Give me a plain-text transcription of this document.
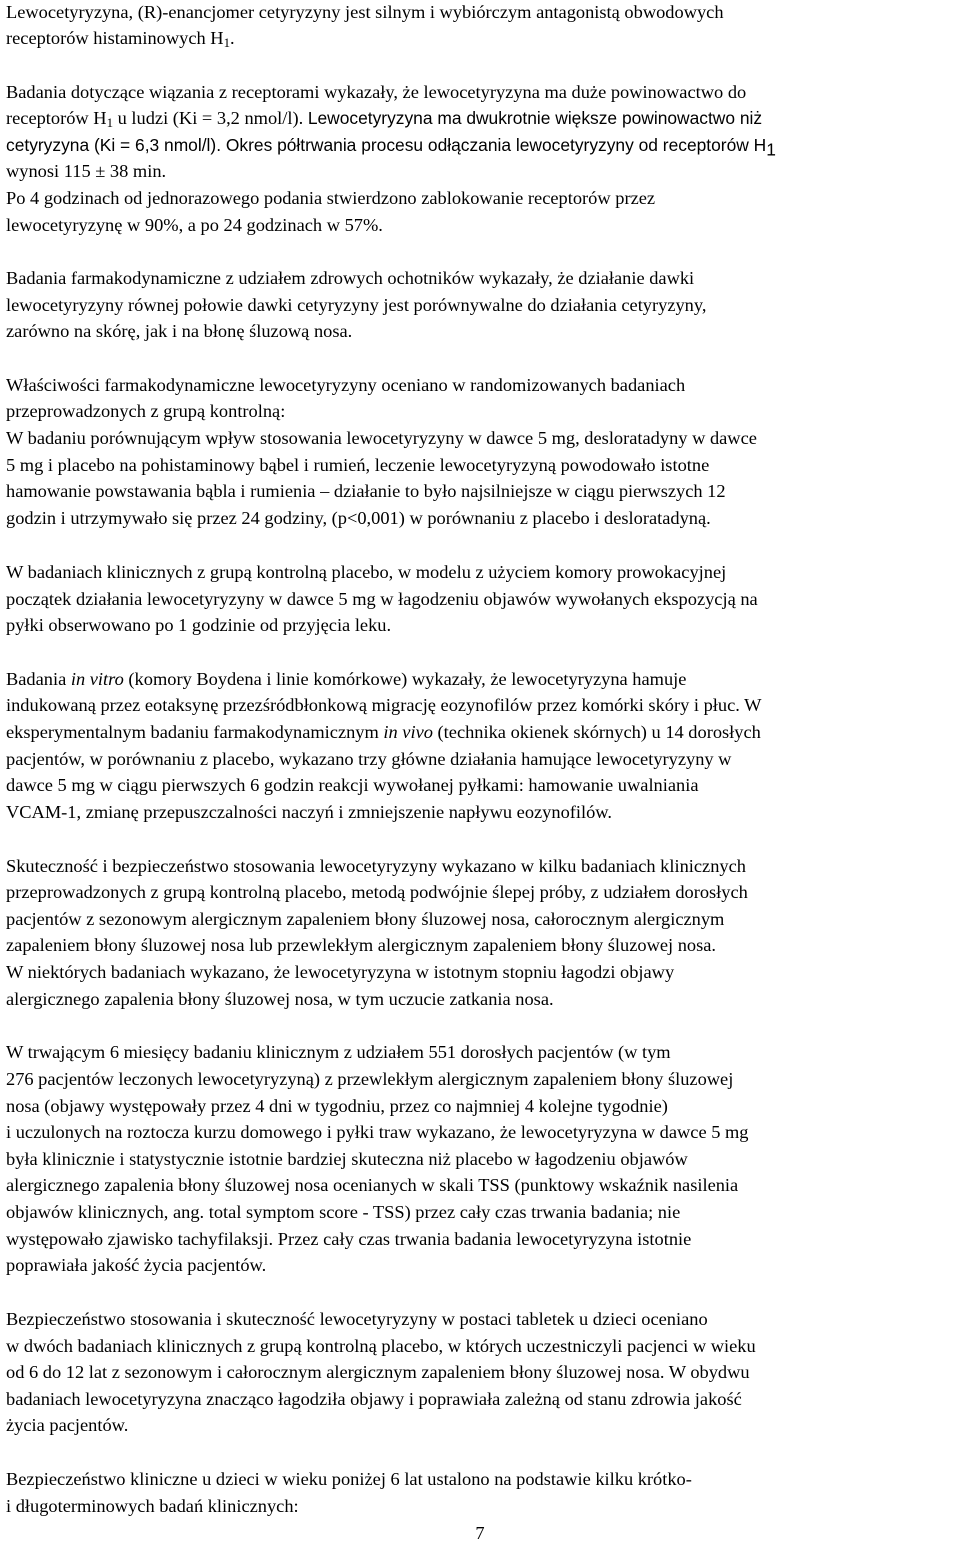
Lewocetyryzyna, (R)-enancjomer cetyryzyny jest silnym i wybiórczym antagonistą obwodowych
receptorów histaminowych $H_1$.
Badania dotyczące wiązania z receptorami wykazały, że lewocetyryzyna ma duże powinowactwo do
receptorów $H_1$ u ludzi (Ki = 3,2 nmol/l). Lewocetyryzyna ma dwukrotnie większe powinowactwo niż
cetyryzyna (Ki = 6,3 nmol/l). Okres półtrwania procesu odłączania lewocetyryzyny od receptorów $H_1$
wynosi 115 ± 38 min.
Po 4 godzinach od jednorazowego podania stwierdzono zablokowanie receptorów przez
lewocetyryzynę w 90%, a po 24 godzinach w 57%.
Badania farmakodynamiczne z udziałem zdrowych ochotników wykazały, że działanie dawki
lewocetyryzyny równej połowie dawki cetyryzyny jest porównywalne do działania cetyryzyny,
zarówno na skórę, jak i na błonę śluzową nosa.
Właściwości farmakodynamiczne lewocetyryzyny oceniano w randomizowanych badaniach
przeprowadzonych z grupą kontrolną:
W badaniu porównującym wpływ stosowania lewocetyryzyny w dawce 5 mg, desloratadyny w dawce
5 mg i placebo na pohistaminowy bąbel i rumień, leczenie lewocetyryzyną powodowało istotne
hamowanie powstawania bąbla i rumienia – działanie to było najsilniejsze w ciągu pierwszych 12
godzin i utrzymywało się przez 24 godziny, (p<0,001) w porównaniu z placebo i desloratadyną.
W badaniach klinicznych z grupą kontrolną placebo, w modelu z użyciem komory prowokacyjnej
początek działania lewocetyryzyny w dawce 5 mg w łagodzeniu objawów wywołanych ekspozycją na
pyłki obserwowano po 1 godzinie od przyjęcia leku.
Badania in vitro (komory Boydena i linie komórkowe) wykazały, że lewocetyryzyna hamuje
indukowaną przez eotaksynę przezśródbłonkową migrację eozynofilów przez komórki skóry i płuc. W
eksperymentalnym badaniu farmakodynamicznym in vivo (technika okienek skórnych) u 14 dorosłych
pacjentów, w porównaniu z placebo, wykazano trzy główne działania hamujące lewocetyryzyny w
dawce 5 mg w ciągu pierwszych 6 godzin reakcji wywołanej pyłkami: hamowanie uwalniania
VCAM-1, zmianę przepuszczalności naczyń i zmniejszenie napływu eozynofilów.
Skuteczność i bezpieczeństwo stosowania lewocetyryzyny wykazano w kilku badaniach klinicznych
przeprowadzonych z grupą kontrolną placebo, metodą podwójnie ślepej próby, z udziałem dorosłych
pacjentów z sezonowym alergicznym zapaleniem błony śluzowej nosa, całorocznym alergicznym
zapaleniem błony śluzowej nosa lub przewlekłym alergicznym zapaleniem błony śluzowej nosa.
W niektórych badaniach wykazano, że lewocetyryzyna w istotnym stopniu łagodzi objawy
alergicznego zapalenia błony śluzowej nosa, w tym uczucie zatkania nosa.
W trwającym 6 miesięcy badaniu klinicznym z udziałem 551 dorosłych pacjentów (w tym
276 pacjentów leczonych lewocetyryzyną) z przewlekłym alergicznym zapaleniem błony śluzowej
nosa (objawy występowały przez 4 dni w tygodniu, przez co najmniej 4 kolejne tygodnie)
i uczulonych na roztocza kurzu domowego i pyłki traw wykazano, że lewocetyryzyna w dawce 5 mg
była klinicznie i statystycznie istotnie bardziej skuteczna niż placebo w łagodzeniu objawów
alergicznego zapalenia błony śluzowej nosa ocenianych w skali TSS (punktowy wskaźnik nasilenia
objawów klinicznych, ang. total symptom score - TSS) przez cały czas trwania badania; nie
występowało zjawisko tachyfilaksji. Przez cały czas trwania badania lewocetyryzyna istotnie
poprawiała jakość życia pacjentów.
Bezpieczeństwo stosowania i skuteczność lewocetyryzyny w postaci tabletek u dzieci oceniano
w dwóch badaniach klinicznych z grupą kontrolną placebo, w których uczestniczyli pacjenci w wieku
od 6 do 12 lat z sezonowym i całorocznym alergicznym zapaleniem błony śluzowej nosa. W obydwu
badaniach lewocetyryzyna znacząco łagodziła objawy i poprawiała zależną od stanu zdrowia jakość
życia pacjentów.
Bezpieczeństwo kliniczne u dzieci w wieku poniżej 6 lat ustalono na podstawie kilku krótko-
i długoterminowych badań klinicznych:
7
